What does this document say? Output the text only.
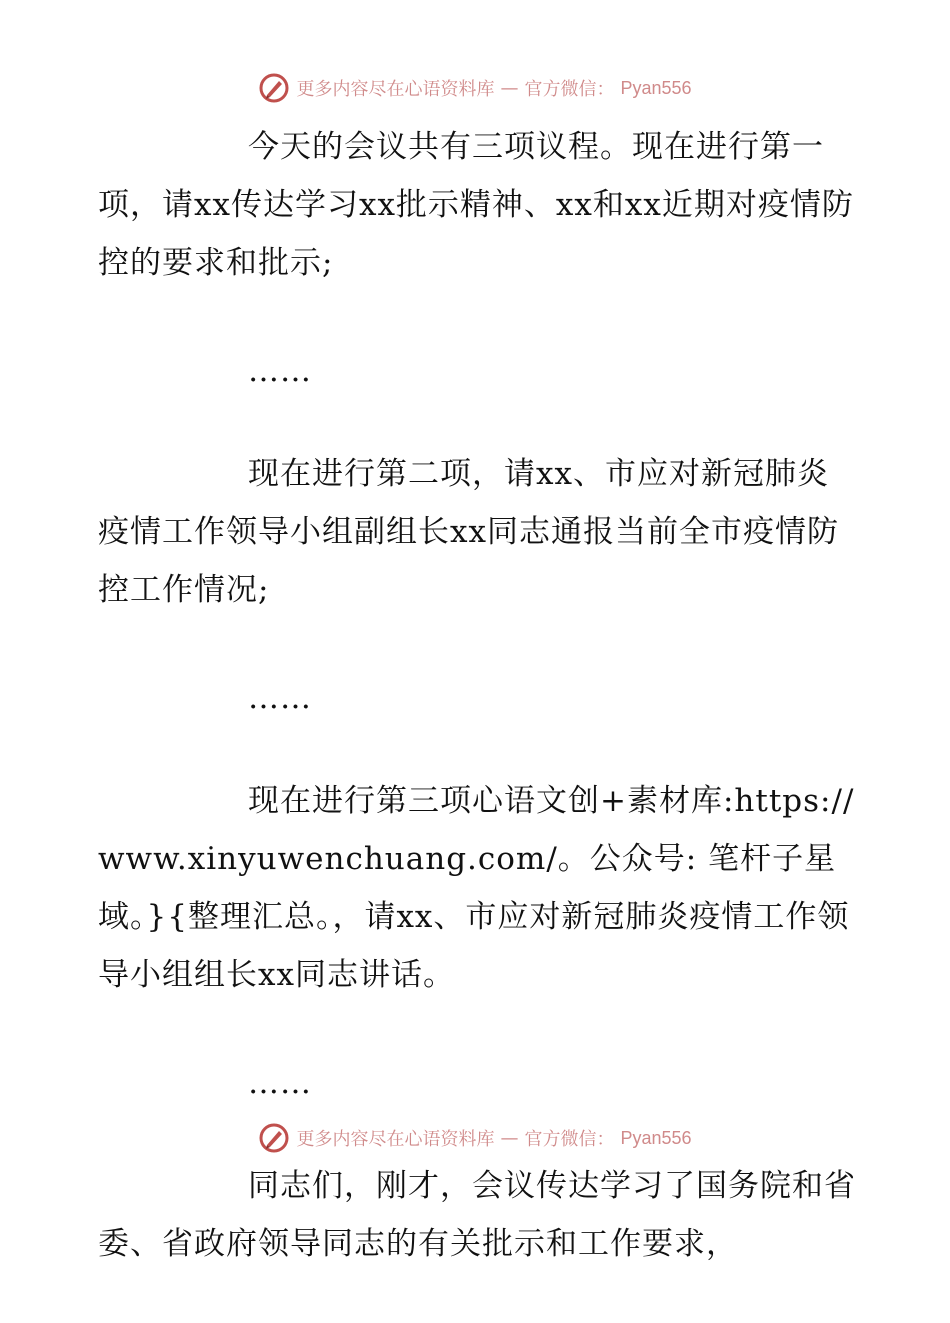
更多内容尽在心语资料库 — 官方微信： Pyan556

今天的会议共有三项议程。现在进行第一项，请xx传达学习xx批示精神、xx和xx近期对疫情防控的要求和批示;

……

现在进行第二项，请xx、市应对新冠肺炎疫情工作领导小组副组长xx同志通报当前全市疫情防控工作情况;

……

现在进行第三项心语文创+素材库:https://www.xinyuwenchuang.com/。公众号: 笔杆子星域。}{整理汇总。，请xx、市应对新冠肺炎疫情工作领导小组组长xx同志讲话。

……

同志们，刚才，会议传达学习了国务院和省委、省政府领导同志的有关批示和工作要求，

更多内容尽在心语资料库 — 官方微信： Pyan556
